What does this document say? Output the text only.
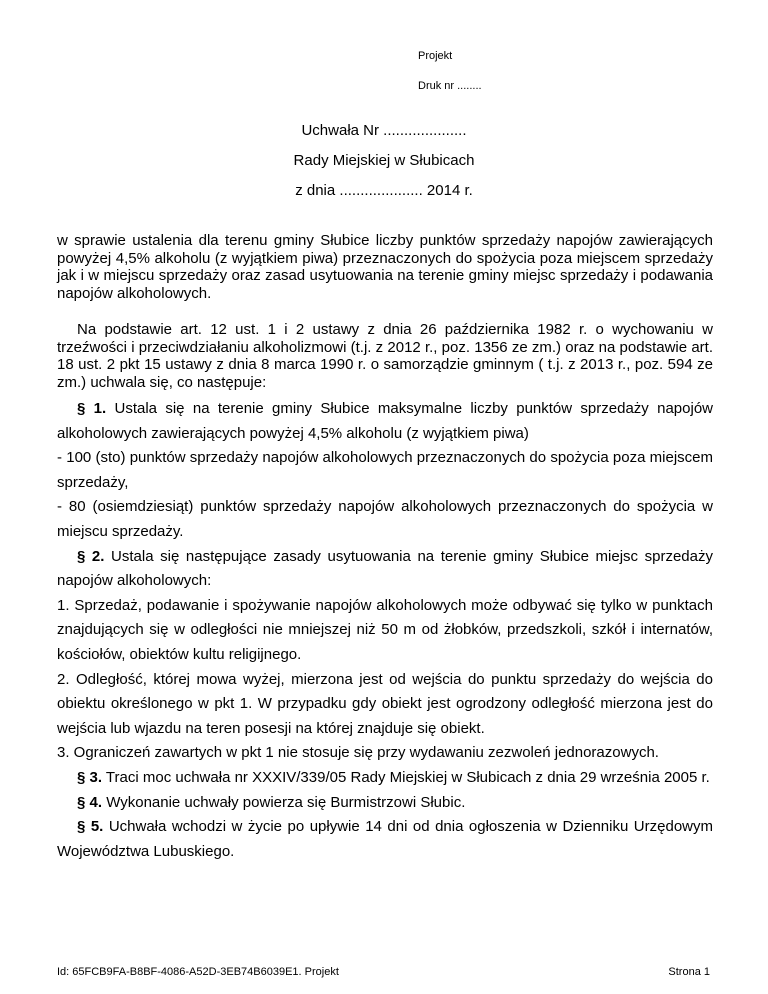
Projekt
Druk nr ........
Uchwała Nr ....................
Rady Miejskiej w Słubicach
z dnia .................... 2014 r.
w sprawie ustalenia dla terenu gminy Słubice liczby punktów sprzedaży napojów zawierających powyżej 4,5% alkoholu (z wyjątkiem piwa) przeznaczonych do spożycia poza miejscem sprzedaży jak i w miejscu sprzedaży oraz zasad usytuowania na terenie gminy miejsc sprzedaży i podawania napojów alkoholowych.
Na podstawie art. 12 ust. 1 i 2 ustawy z dnia 26 października 1982 r. o wychowaniu w trzeźwości i przeciwdziałaniu alkoholizmowi (t.j. z 2012 r., poz. 1356 ze zm.) oraz na podstawie art. 18 ust. 2 pkt 15 ustawy z dnia 8 marca 1990 r. o samorządzie gminnym ( t.j. z 2013 r., poz. 594 ze zm.) uchwala się, co następuje:

§ 1. Ustala się na terenie gminy Słubice maksymalne liczby punktów sprzedaży napojów alkoholowych zawierających powyżej 4,5% alkoholu (z wyjątkiem piwa)

- 100 (sto) punktów sprzedaży napojów alkoholowych przeznaczonych do spożycia poza miejscem sprzedaży,

- 80 (osiemdziesiąt) punktów sprzedaży napojów alkoholowych przeznaczonych do spożycia w miejscu sprzedaży.

§ 2. Ustala się następujące zasady usytuowania na terenie gminy Słubice miejsc sprzedaży napojów alkoholowych:

1. Sprzedaż, podawanie i spożywanie napojów alkoholowych może odbywać się tylko w punktach znajdujących się w odległości nie mniejszej niż 50 m od żłobków, przedszkoli, szkół i internatów, kościołów, obiektów kultu religijnego.

2. Odległość, której mowa wyżej, mierzona jest od wejścia do punktu sprzedaży do wejścia do obiektu określonego w pkt 1. W przypadku gdy obiekt jest ogrodzony odległość mierzona jest do wejścia lub wjazdu na teren posesji na której znajduje się obiekt.

3. Ograniczeń zawartych w pkt 1 nie stosuje się przy wydawaniu zezwoleń jednorazowych.

§ 3. Traci moc uchwała nr XXXIV/339/05 Rady Miejskiej w Słubicach z dnia 29 września 2005 r.

§ 4. Wykonanie uchwały powierza się Burmistrzowi Słubic.

§ 5. Uchwała wchodzi w życie po upływie 14 dni od dnia ogłoszenia w Dzienniku Urzędowym Województwa Lubuskiego.

Id: 65FCB9FA-B8BF-4086-A52D-3EB74B6039E1. Projekt	Strona 1
